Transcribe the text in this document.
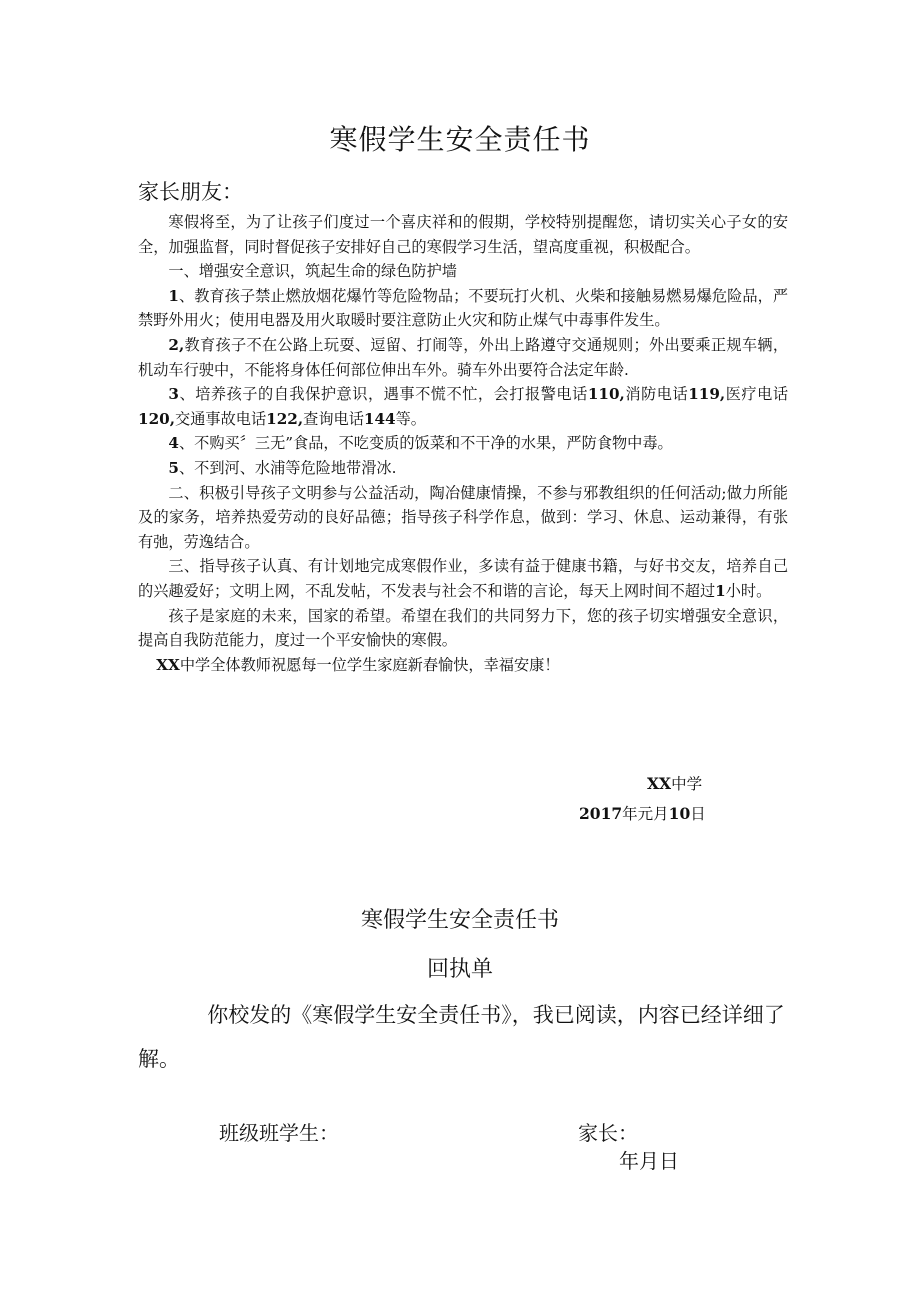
寒假学生安全责任书
家长朋友：

寒假将至，为了让孩子们度过一个喜庆祥和的假期，学校特别提醒您，请切实关心子女的安全，加强监督，同时督促孩子安排好自己的寒假学习生活，望高度重视，积极配合。

一、增强安全意识，筑起生命的绿色防护墙

1、教育孩子禁止燃放烟花爆竹等危险物品；不要玩打火机、火柴和接触易燃易爆危险品，严禁野外用火；使用电器及用火取暖时要注意防止火灾和防止煤气中毒事件发生。

2,教育孩子不在公路上玩耍、逗留、打闹等，外出上路遵守交通规则；外出要乘正规车辆，机动车行驶中，不能将身体任何部位伸出车外。骑车外出要符合法定年龄.

3、培养孩子的自我保护意识，遇事不慌不忙，会打报警电话110,消防电话119,医疗电话120,交通事故电话122,查询电话144等。

4、不购买〞三无”食品，不吃变质的饭菜和不干净的水果，严防食物中毒。

5、不到河、水浦等危险地带滑冰.

二、积极引导孩子文明参与公益活动，陶冶健康情操，不参与邪教组织的任何活动;做力所能及的家务，培养热爱劳动的良好品德；指导孩子科学作息，做到：学习、休息、运动兼得，有张有弛，劳逸结合。

三、指导孩子认真、有计划地完成寒假作业，多读有益于健康书籍，与好书交友，培养自己的兴趣爱好；文明上网，不乱发帖，不发表与社会不和谐的言论，每天上网时间不超过1小时。

孩子是家庭的未来，国家的希望。希望在我们的共同努力下，您的孩子切实增强安全意识，提高自我防范能力，度过一个平安愉快的寒假。

XX中学全体教师祝愿每一位学生家庭新春愉快，幸福安康！

XX中学
2017年元月10日
寒假学生安全责任书
回执单

你校发的《寒假学生安全责任书》，我已阅读，内容已经详细了解。

班级班学生：	家长：
年月日
